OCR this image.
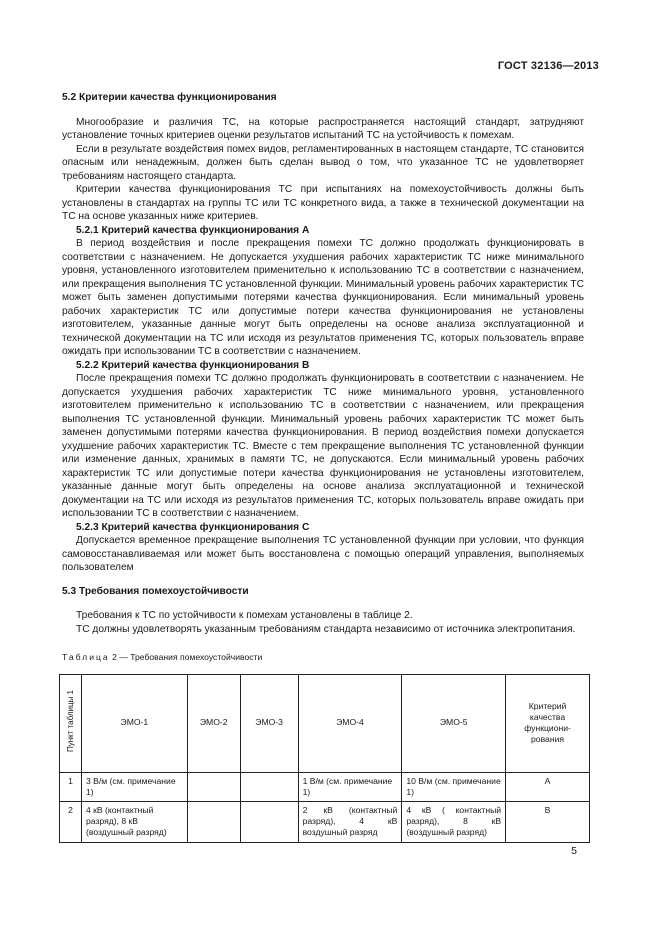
ГОСТ 32136—2013
5.2 Критерии качества функционирования

Многообразие и различия ТС, на которые распространяется настоящий стандарт, затрудняют установление точных критериев оценки результатов испытаний ТС на устойчивость к помехам.

Если в результате воздействия помех видов, регламентированных в настоящем стандарте, ТС становится опасным или ненадежным, должен быть сделан вывод о том, что указанное ТС не удовлетворяет требованиям настоящего стандарта.

Критерии качества функционирования ТС при испытаниях на помехоустойчивость должны быть установлены в стандартах на группы ТС или ТС конкретного вида, а также в технической документации на ТС на основе указанных ниже критериев.

5.2.1 Критерий качества функционирования А

В период воздействия и после прекращения помехи ТС должно продолжать функционировать в соответствии с назначением. Не допускается ухудшения рабочих характеристик ТС ниже минимального уровня, установленного изготовителем применительно к использованию ТС в соответствии с назначением, или прекращения выполнения ТС установленной функции. Минимальный уровень рабочих характеристик ТС может быть заменен допустимыми потерями качества функционирования. Если минимальный уровень рабочих характеристик ТС или допустимые потери качества функционирования не установлены изготовителем, указанные данные могут быть определены на основе анализа эксплуатационной и технической документации на ТС или исходя из результатов применения ТС, которых пользователь вправе ожидать при использовании ТС в соответствии с назначением.

5.2.2 Критерий качества функционирования В

После прекращения помехи ТС должно продолжать функционировать в соответствии с назначением. Не допускается ухудшения рабочих характеристик ТС ниже минимального уровня, установленного изготовителем применительно к использованию ТС в соответствии с назначением, или прекращения выполнения ТС установленной функции. Минимальный уровень рабочих характеристик ТС может быть заменен допустимыми потерями качества функционирования. В период воздействия помехи допускается ухудшение рабочих характеристик ТС. Вместе с тем прекращение выполнения ТС установленной функции или изменение данных, хранимых в памяти ТС, не допускаются. Если минимальный уровень рабочих характеристик ТС или допустимые потери качества функционирования не установлены изготовителем, указанные данные могут быть определены на основе анализа эксплуатационной и технической документации на ТС или исходя из результатов применения ТС, которых пользователь вправе ожидать при использовании ТС в соответствии с назначением.

5.2.3 Критерий качества функционирования С

Допускается временное прекращение выполнения ТС установленной функции при условии, что функция самовосстанавливаемая или может быть восстановлена с помощью операций управления, выполняемых пользователем

5.3 Требования помехоустойчивости

Требования к ТС по устойчивости к помехам установлены в таблице 2.

ТС должны удовлетворять указанным требованиям стандарта независимо от источника электропитания.

Таблица 2 — Требования помехоустойчивости
Пункт таблицы 1	ЭМО-1	ЭМО-2	ЭМО-3	ЭМО-4	ЭМО-5	Критерий качества функциони-рования
1	3 В/м (см. примечание 1)			1 В/м (см. примечание 1)	10 В/м (см. примечание 1)	А
2	4 кВ (контактный разряд), 8 кВ (воздушный разряд)			2 кВ (контактный разряд), 4 кВ воздушный разряд	4 кВ ( контактный разряд), 8 кВ (воздушный разряд)	В
5
